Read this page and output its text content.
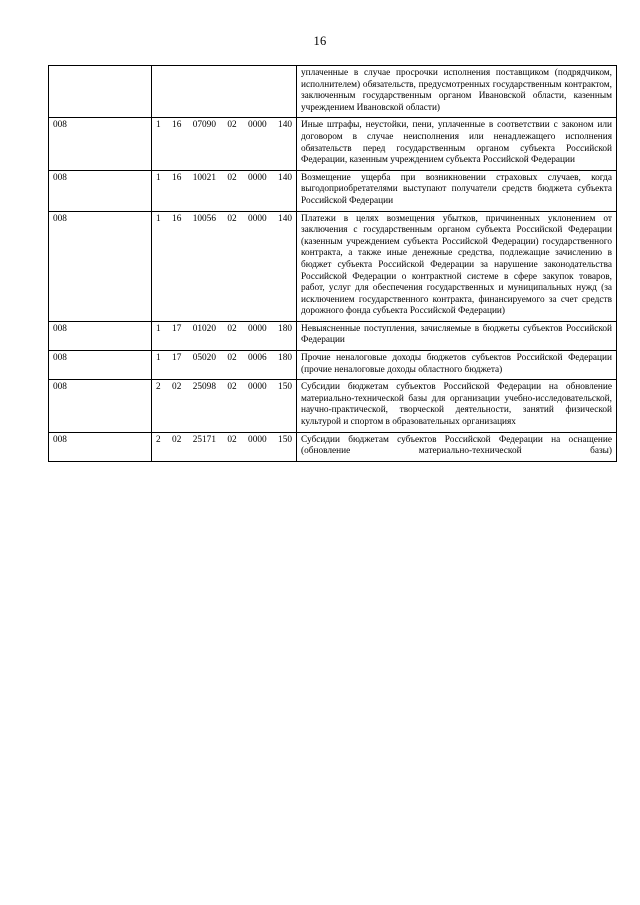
16

		уплаченные в случае просрочки исполнения поставщиком (подрядчиком, исполнителем) обязательств, предусмотренных государственным контрактом, заключенным государственным органом Ивановской области, казенным учреждением Ивановской области)

008	1 16 07090 02 0000 140	Иные штрафы, неустойки, пени, уплаченные в соответствии с законом или договором в случае неисполнения или ненадлежащего исполнения обязательств перед государственным органом субъекта Российской Федерации, казенным учреждением субъекта Российской Федерации

008	1 16 10021 02 0000 140	Возмещение ущерба при возникновении страховых случаев, когда выгодоприобретателями выступают получатели средств бюджета субъекта Российской Федерации

008	1 16 10056 02 0000 140	Платежи в целях возмещения убытков, причиненных уклонением от заключения с государственным органом субъекта Российской Федерации (казенным учреждением субъекта Российской Федерации) государственного контракта, а также иные денежные средства, подлежащие зачислению в бюджет субъекта Российской Федерации за нарушение законодательства Российской Федерации о контрактной системе в сфере закупок товаров, работ, услуг для обеспечения государственных и муниципальных нужд (за исключением государственного контракта, финансируемого за счет средств дорожного фонда субъекта Российской Федерации)

008	1 17 01020 02 0000 180	Невыясненные поступления, зачисляемые в бюджеты субъектов Российской Федерации

008	1 17 05020 02 0006 180	Прочие неналоговые доходы бюджетов субъектов Российской Федерации (прочие неналоговые доходы областного бюджета)

008	2 02 25098 02 0000 150	Субсидии бюджетам субъектов Российской Федерации на обновление материально-технической базы для организации учебно-исследовательской, научно-практической, творческой деятельности, занятий физической культурой и спортом в образовательных организациях

008	2 02 25171 02 0000 150	Субсидии бюджетам субъектов Российской Федерации на оснащение (обновление материально-технической базы)
